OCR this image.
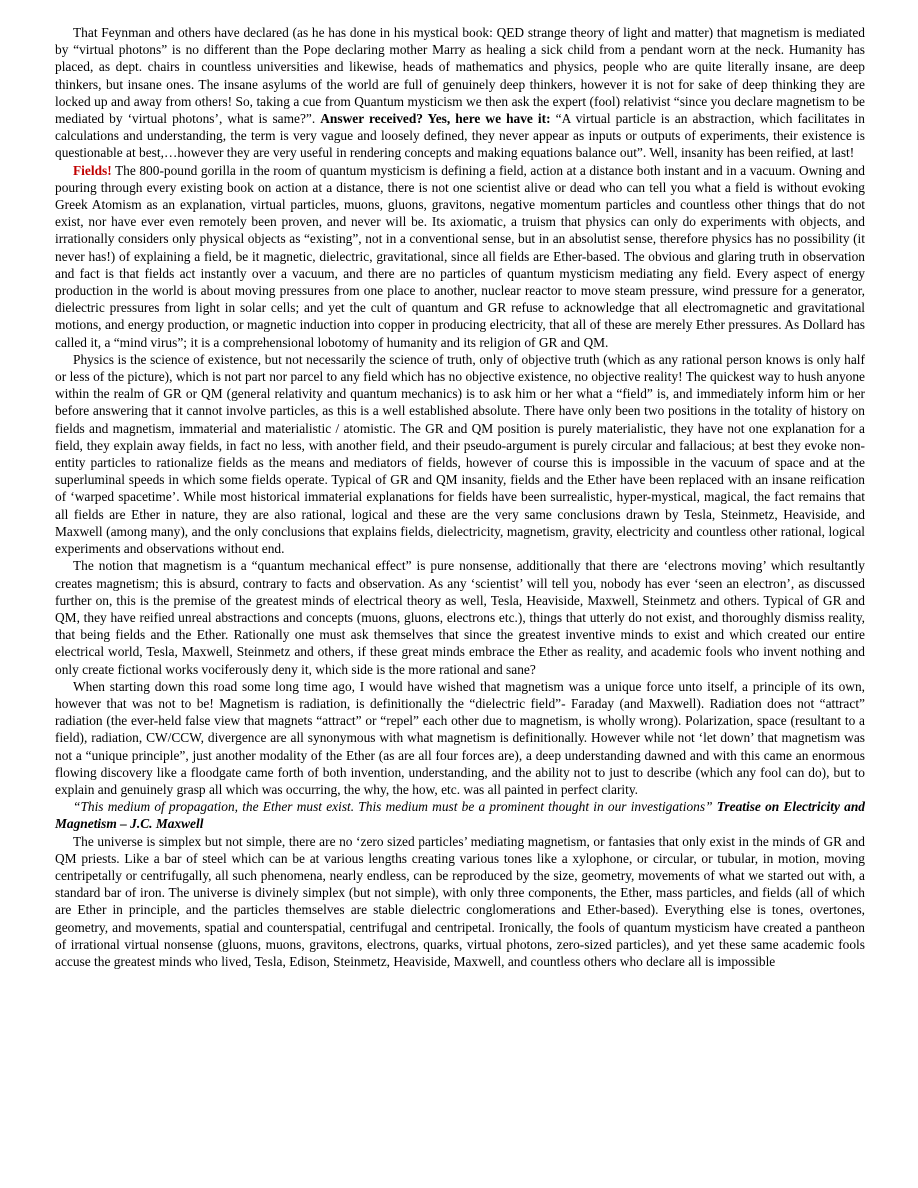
That Feynman and others have declared (as he has done in his mystical book: QED strange theory of light and matter) that magnetism is mediated by “virtual photons” is no different than the Pope declaring mother Marry as healing a sick child from a pendant worn at the neck. Humanity has placed, as dept. chairs in countless universities and likewise, heads of mathematics and physics, people who are quite literally insane, are deep thinkers, but insane ones. The insane asylums of the world are full of genuinely deep thinkers, however it is not for sake of deep thinking they are locked up and away from others! So, taking a cue from Quantum mysticism we then ask the expert (fool) relativist “since you declare magnetism to be mediated by ‘virtual photons’, what is same?”. Answer received? Yes, here we have it: “A virtual particle is an abstraction, which facilitates in calculations and understanding, the term is very vague and loosely defined, they never appear as inputs or outputs of experiments, their existence is questionable at best,…however they are very useful in rendering concepts and making equations balance out”. Well, insanity has been reified, at last!

Fields! The 800-pound gorilla in the room of quantum mysticism is defining a field, action at a distance both instant and in a vacuum. Owning and pouring through every existing book on action at a distance, there is not one scientist alive or dead who can tell you what a field is without evoking Greek Atomism as an explanation, virtual particles, muons, gluons, gravitons, negative momentum particles and countless other things that do not exist, nor have ever even remotely been proven, and never will be. Its axiomatic, a truism that physics can only do experiments with objects, and irrationally considers only physical objects as “existing”, not in a conventional sense, but in an absolutist sense, therefore physics has no possibility (it never has!) of explaining a field, be it magnetic, dielectric, gravitational, since all fields are Ether-based. The obvious and glaring truth in observation and fact is that fields act instantly over a vacuum, and there are no particles of quantum mysticism mediating any field. Every aspect of energy production in the world is about moving pressures from one place to another, nuclear reactor to move steam pressure, wind pressure for a generator, dielectric pressures from light in solar cells; and yet the cult of quantum and GR refuse to acknowledge that all electromagnetic and gravitational motions, and energy production, or magnetic induction into copper in producing electricity, that all of these are merely Ether pressures. As Dollard has called it, a “mind virus”; it is a comprehensional lobotomy of humanity and its religion of GR and QM.

Physics is the science of existence, but not necessarily the science of truth, only of objective truth (which as any rational person knows is only half or less of the picture), which is not part nor parcel to any field which has no objective existence, no objective reality! The quickest way to hush anyone within the realm of GR or QM (general relativity and quantum mechanics) is to ask him or her what a “field” is, and immediately inform him or her before answering that it cannot involve particles, as this is a well established absolute. There have only been two positions in the totality of history on fields and magnetism, immaterial and materialistic / atomistic. The GR and QM position is purely materialistic, they have not one explanation for a field, they explain away fields, in fact no less, with another field, and their pseudo-argument is purely circular and fallacious; at best they evoke non-entity particles to rationalize fields as the means and mediators of fields, however of course this is impossible in the vacuum of space and at the superluminal speeds in which some fields operate. Typical of GR and QM insanity, fields and the Ether have been replaced with an insane reification of ‘warped spacetime’. While most historical immaterial explanations for fields have been surrealistic, hyper-mystical, magical, the fact remains that all fields are Ether in nature, they are also rational, logical and these are the very same conclusions drawn by Tesla, Steinmetz, Heaviside, and Maxwell (among many), and the only conclusions that explains fields, dielectricity, magnetism, gravity, electricity and countless other rational, logical experiments and observations without end.

The notion that magnetism is a “quantum mechanical effect” is pure nonsense, additionally that there are ‘electrons moving’ which resultantly creates magnetism; this is absurd, contrary to facts and observation. As any ‘scientist’ will tell you, nobody has ever ‘seen an electron’, as discussed further on, this is the premise of the greatest minds of electrical theory as well, Tesla, Heaviside, Maxwell, Steinmetz and others. Typical of GR and QM, they have reified unreal abstractions and concepts (muons, gluons, electrons etc.), things that utterly do not exist, and thoroughly dismiss reality, that being fields and the Ether. Rationally one must ask themselves that since the greatest inventive minds to exist and which created our entire electrical world, Tesla, Maxwell, Steinmetz and others, if these great minds embrace the Ether as reality, and academic fools who invent nothing and only create fictional works vociferously deny it, which side is the more rational and sane?

When starting down this road some long time ago, I would have wished that magnetism was a unique force unto itself, a principle of its own, however that was not to be! Magnetism is radiation, is definitionally the “dielectric field”- Faraday (and Maxwell). Radiation does not “attract” radiation (the ever-held false view that magnets “attract” or “repel” each other due to magnetism, is wholly wrong). Polarization, space (resultant to a field), radiation, CW/CCW, divergence are all synonymous with what magnetism is definitionally. However while not ‘let down’ that magnetism was not a “unique principle”, just another modality of the Ether (as are all four forces are), a deep understanding dawned and with this came an enormous flowing discovery like a floodgate came forth of both invention, understanding, and the ability not to just to describe (which any fool can do), but to explain and genuinely grasp all which was occurring, the why, the how, etc. was all painted in perfect clarity.

“This medium of propagation, the Ether must exist. This medium must be a prominent thought in our investigations” Treatise on Electricity and Magnetism – J.C. Maxwell

The universe is simplex but not simple, there are no ‘zero sized particles’ mediating magnetism, or fantasies that only exist in the minds of GR and QM priests. Like a bar of steel which can be at various lengths creating various tones like a xylophone, or circular, or tubular, in motion, moving centripetally or centrifugally, all such phenomena, nearly endless, can be reproduced by the size, geometry, movements of what we started out with, a standard bar of iron. The universe is divinely simplex (but not simple), with only three components, the Ether, mass particles, and fields (all of which are Ether in principle, and the particles themselves are stable dielectric conglomerations and Ether-based). Everything else is tones, overtones, geometry, and movements, spatial and counterspatial, centrifugal and centripetal. Ironically, the fools of quantum mysticism have created a pantheon of irrational virtual nonsense (gluons, muons, gravitons, electrons, quarks, virtual photons, zero-sized particles), and yet these same academic fools accuse the greatest minds who lived, Tesla, Edison, Steinmetz, Heaviside, Maxwell, and countless others who declare all is impossible
